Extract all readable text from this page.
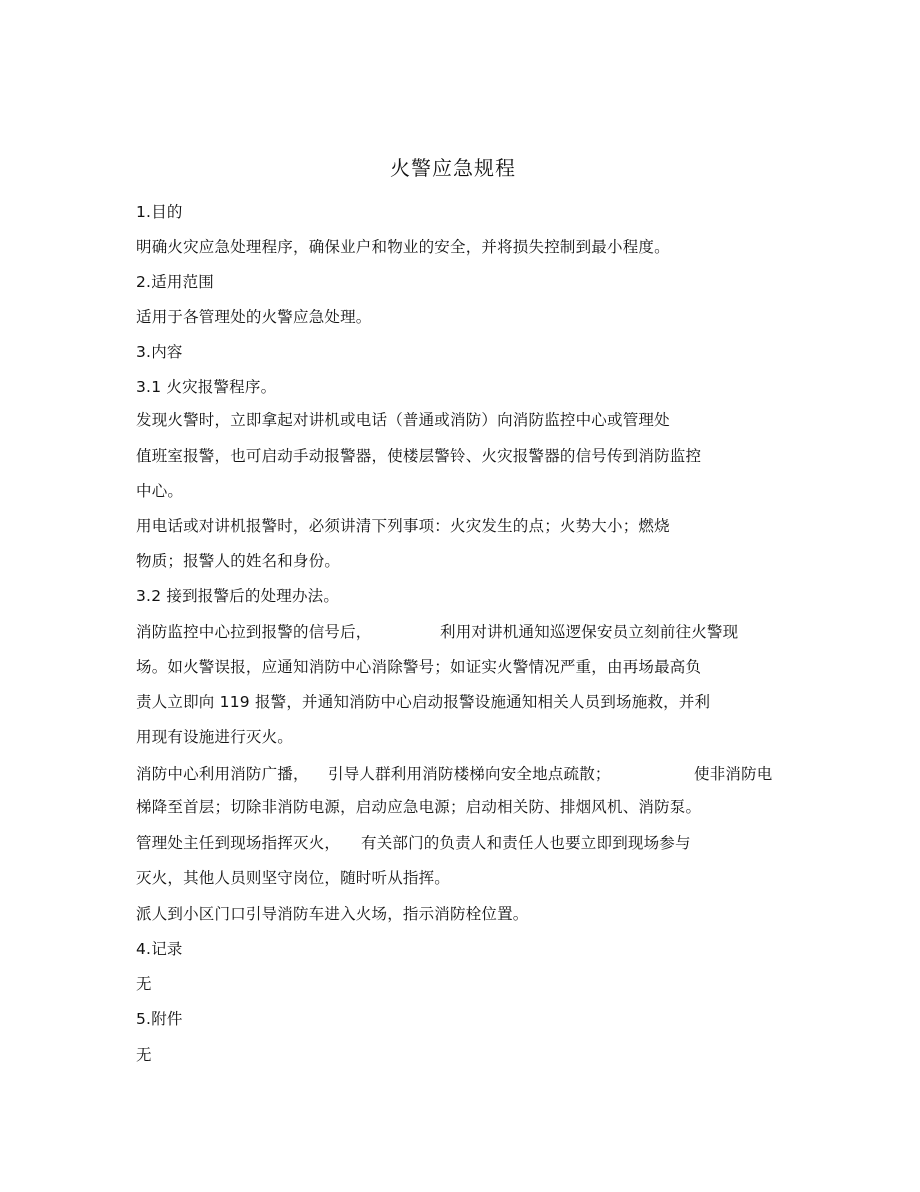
火警应急规程
1.目的
明确火灾应急处理程序，确保业户和物业的安全，并将损失控制到最小程度。
2.适用范围
适用于各管理处的火警应急处理。
3.内容
3.1 火灾报警程序。
发现火警时，立即拿起对讲机或电话（普通或消防）向消防监控中心或管理处
值班室报警，也可启动手动报警器，使楼层警铃、火灾报警器的信号传到消防监控
中心。
用电话或对讲机报警时，必须讲清下列事项：火灾发生的点；火势大小；燃烧
物质；报警人的姓名和身份。
3.2 接到报警后的处理办法。
消防监控中心拉到报警的信号后，	利用对讲机通知巡逻保安员立刻前往火警现
场。如火警误报，应通知消防中心消除警号；如证实火警情况严重，由再场最高负
责人立即向 119 报警，并通知消防中心启动报警设施通知相关人员到场施救，并利
用现有设施进行灭火。
消防中心利用消防广播， 引导人群利用消防楼梯向安全地点疏散；	使非消防电
梯降至首层；切除非消防电源，启动应急电源；启动相关防、排烟风机、消防泵。
管理处主任到现场指挥灭火， 有关部门的负责人和责任人也要立即到现场参与
灭火，其他人员则坚守岗位，随时听从指挥。
派人到小区门口引导消防车进入火场，指示消防栓位置。
4.记录
无
5.附件
无
